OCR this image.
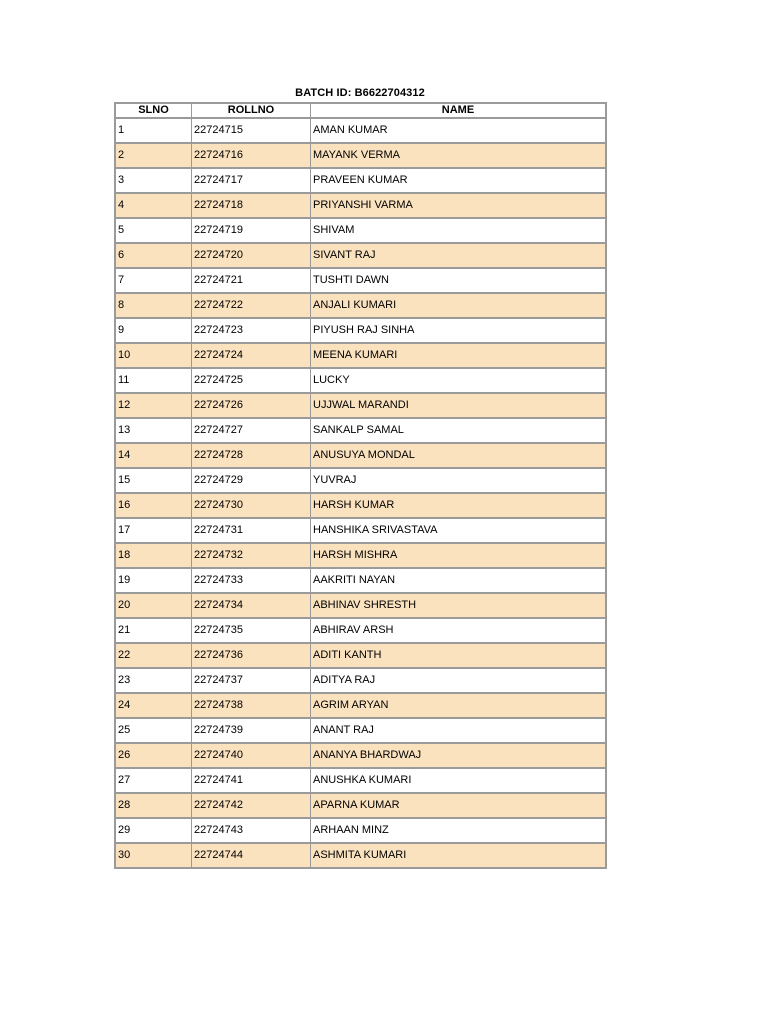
BATCH ID: B6622704312
SLNO	ROLLNO	NAME
1	22724715	AMAN KUMAR
2	22724716	MAYANK VERMA
3	22724717	PRAVEEN KUMAR
4	22724718	PRIYANSHI VARMA
5	22724719	SHIVAM
6	22724720	SIVANT RAJ
7	22724721	TUSHTI DAWN
8	22724722	ANJALI KUMARI
9	22724723	PIYUSH RAJ SINHA
10	22724724	MEENA KUMARI
11	22724725	LUCKY
12	22724726	UJJWAL MARANDI
13	22724727	SANKALP SAMAL
14	22724728	ANUSUYA MONDAL
15	22724729	YUVRAJ
16	22724730	HARSH KUMAR
17	22724731	HANSHIKA SRIVASTAVA
18	22724732	HARSH MISHRA
19	22724733	AAKRITI NAYAN
20	22724734	ABHINAV SHRESTH
21	22724735	ABHIRAV ARSH
22	22724736	ADITI KANTH
23	22724737	ADITYA RAJ
24	22724738	AGRIM ARYAN
25	22724739	ANANT RAJ
26	22724740	ANANYA BHARDWAJ
27	22724741	ANUSHKA KUMARI
28	22724742	APARNA KUMAR
29	22724743	ARHAAN MINZ
30	22724744	ASHMITA KUMARI
